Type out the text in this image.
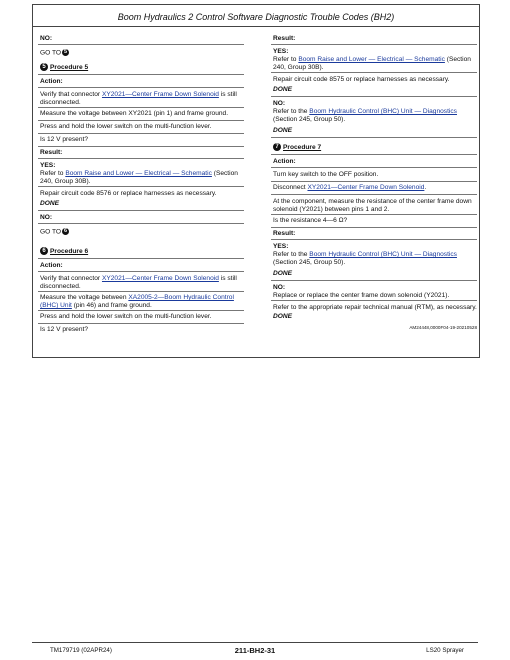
Boom Hydraulics 2 Control Software Diagnostic Trouble Codes (BH2)
NO:
GO TO 5
5 Procedure 5
Action:
Verify that connector XY2021—Center Frame Down Solenoid is still disconnected.
Measure the voltage between XY2021 (pin 1) and frame ground.
Press and hold the lower switch on the multi-function lever.
Is 12 V present?
Result:
YES:
Refer to Boom Raise and Lower — Electrical — Schematic (Section 240, Group 30B).
Repair circuit code 8576 or replace harnesses as necessary.
DONE
NO:
GO TO 6
6 Procedure 6
Action:
Verify that connector XY2021—Center Frame Down Solenoid is still disconnected.
Measure the voltage between XA2005-2—Boom Hydraulic Control (BHC) Unit (pin 46) and frame ground.
Press and hold the lower switch on the multi-function lever.
Is 12 V present?
Result:
YES:
Refer to Boom Raise and Lower — Electrical — Schematic (Section 240, Group 30B).
Repair circuit code 8575 or replace harnesses as necessary.
DONE
NO:
Refer to the Boom Hydraulic Control (BHC) Unit — Diagnostics (Section 245, Group 50).
DONE
7 Procedure 7
Action:
Turn key switch to the OFF position.
Disconnect XY2021—Center Frame Down Solenoid.
At the component, measure the resistance of the center frame down solenoid (Y2021) between pins 1 and 2.
Is the resistance 4—6 Ω?
Result:
YES:
Refer to the Boom Hydraulic Control (BHC) Unit — Diagnostics (Section 245, Group 50).
DONE
NO:
Replace or replace the center frame down solenoid (Y2021).
Refer to the appropriate repair technical manual (RTM), as necessary.
DONE
AM24448,0000F04-19-20210528
TM179719 (02APR24)	211-BH2-31	LS20 Sprayer
